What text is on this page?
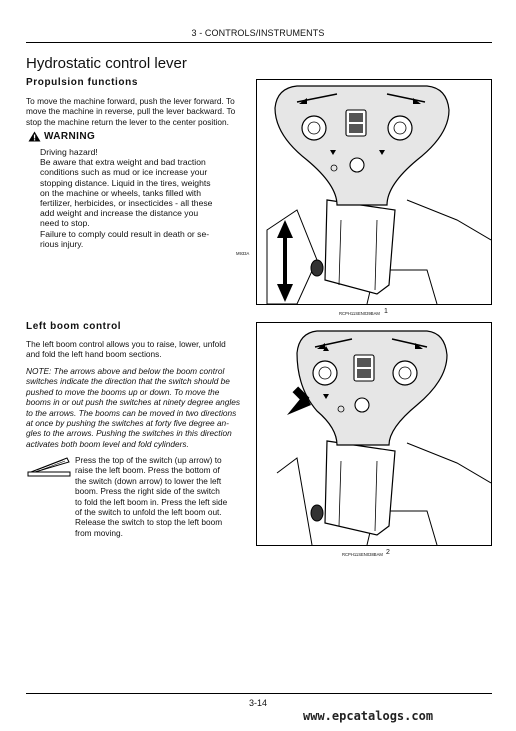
3 - CONTROLS/INSTRUMENTS
Hydrostatic control lever
Propulsion functions
To move the machine forward, push the lever forward. To
move the machine in reverse, pull the lever backward. To
stop the machine return the lever to the center position.
WARNING
Driving hazard!
Be aware that extra weight and bad traction
conditions such as mud or ice increase your
stopping distance. Liquid in the tires, weights
on the machine or wheels, tanks filled with
fertilizer, herbicides, or insecticides - all these
add weight and increase the distance you
need to stop.
Failure to comply could result in death or se-
rious injury.
M933A
RCPH11SEN039BAM 1
Left boom control
The left boom control allows you to raise, lower, unfold
and fold the left hand boom sections.
NOTE: The arrows above and below the boom control
switches indicate the direction that the switch should be
pushed to move the booms up or down. To move the
booms in or out push the switches at ninety degree angles
to the arrows. The booms can be moved in two directions
at once by pushing the switches at forty five degree an-
gles to the arrows. Pushing the switches in this direction
activates both boom level and fold cylinders.
Press the top of the switch (up arrow) to
raise the left boom. Press the bottom of
the switch (down arrow) to lower the left
boom. Press the right side of the switch
to fold the left boom in. Press the left side
of the switch to unfold the left boom out.
Release the switch to stop the left boom
from moving.
RCPH11SEN038BAM 2
3-14
www.epcatalogs.com
